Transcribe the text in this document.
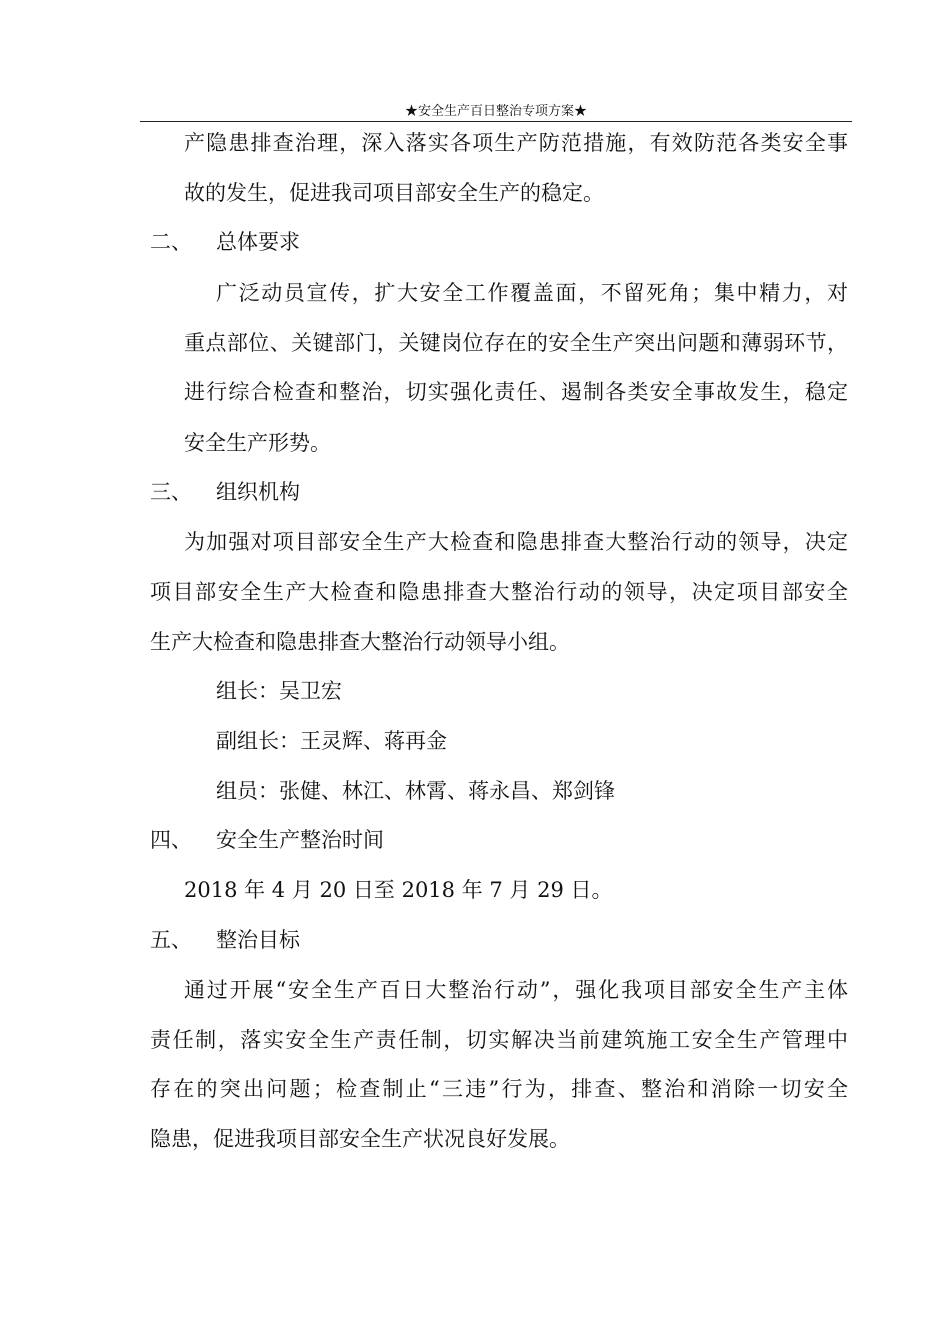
★安全生产百日整治专项方案★
产隐患排查治理，深入落实各项生产防范措施，有效防范各类安全事
故的发生，促进我司项目部安全生产的稳定。
二、 总体要求
广泛动员宣传，扩大安全工作覆盖面，不留死角；集中精力，对
重点部位、关键部门，关键岗位存在的安全生产突出问题和薄弱环节，
进行综合检查和整治，切实强化责任、遏制各类安全事故发生，稳定
安全生产形势。
三、 组织机构
为加强对项目部安全生产大检查和隐患排查大整治行动的领导，决定
项目部安全生产大检查和隐患排查大整治行动的领导，决定项目部安全
生产大检查和隐患排查大整治行动领导小组。
组长：吴卫宏
副组长：王灵辉、蒋再金
组员：张健、林江、林霄、蒋永昌、郑剑锋
四、 安全生产整治时间
2018 年 4 月 20 日至 2018 年 7 月 29 日。
五、 整治目标
通过开展“安全生产百日大整治行动”，强化我项目部安全生产主体
责任制，落实安全生产责任制，切实解决当前建筑施工安全生产管理中
存在的突出问题；检查制止“三违”行为，排查、整治和消除一切安全
隐患，促进我项目部安全生产状况良好发展。
